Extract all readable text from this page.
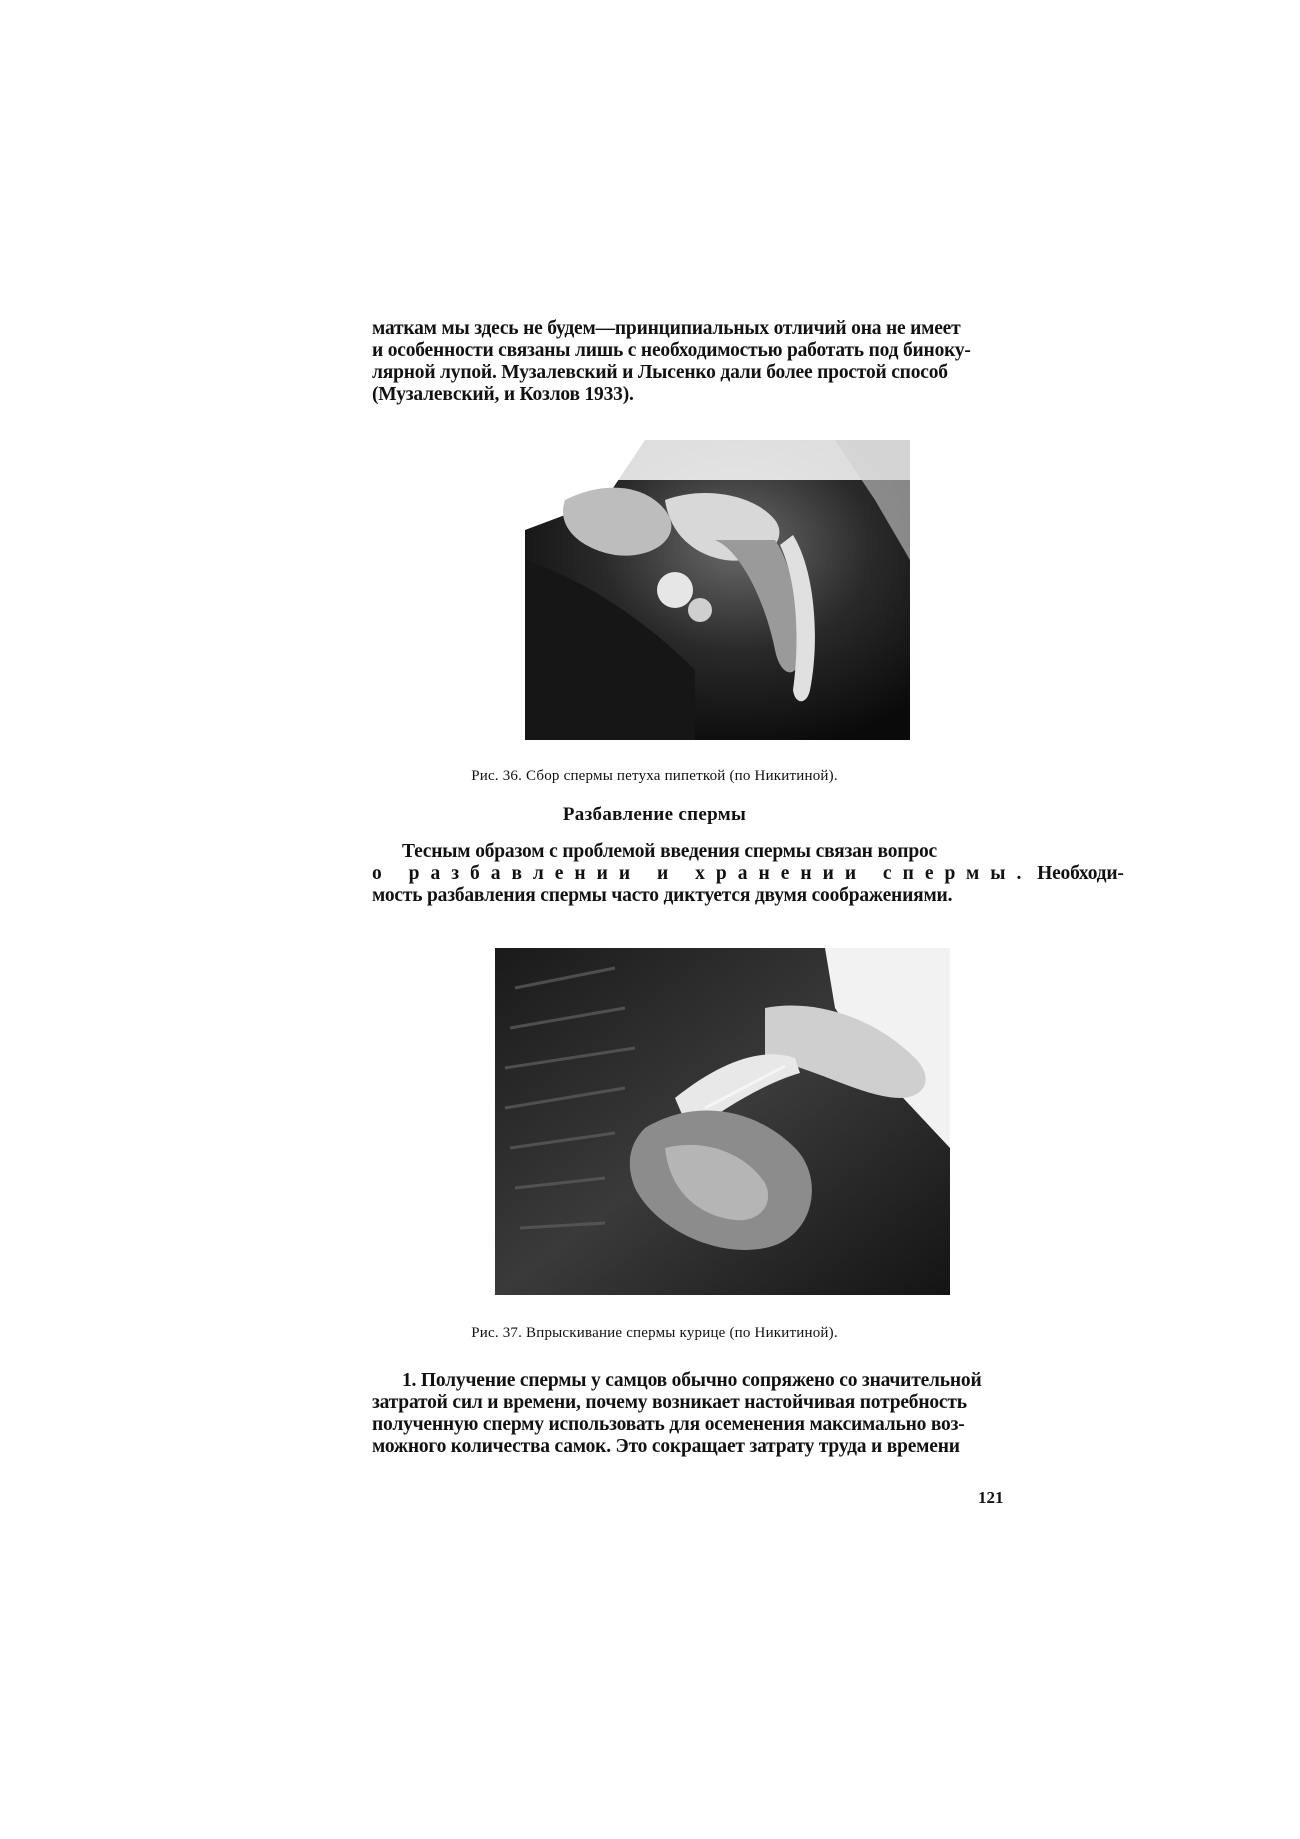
маткам мы здесь не будем—принципиальных отличий она не имеет
и особенности связаны лишь с необходимостью работать под биноку-
лярной лупой. Музалевский и Лысенко дали более простой способ
(Музалевский, и Козлов 1933).
Рис. 36. Сбор спермы петуха пипеткой (по Никитиной).
Разбавление спермы
Тесным образом с проблемой введения спермы связан вопрос
о разбавлении и хранении спермы. Необходи-
мость разбавления спермы часто диктуется двумя соображениями.
Рис. 37. Впрыскивание спермы курице (по Никитиной).
1. Получение спермы у самцов обычно сопряжено со значительной
затратой сил и времени, почему возникает настойчивая потребность
полученную сперму использовать для осеменения максимально воз-
можного количества самок. Это сокращает затрату труда и времени
121
